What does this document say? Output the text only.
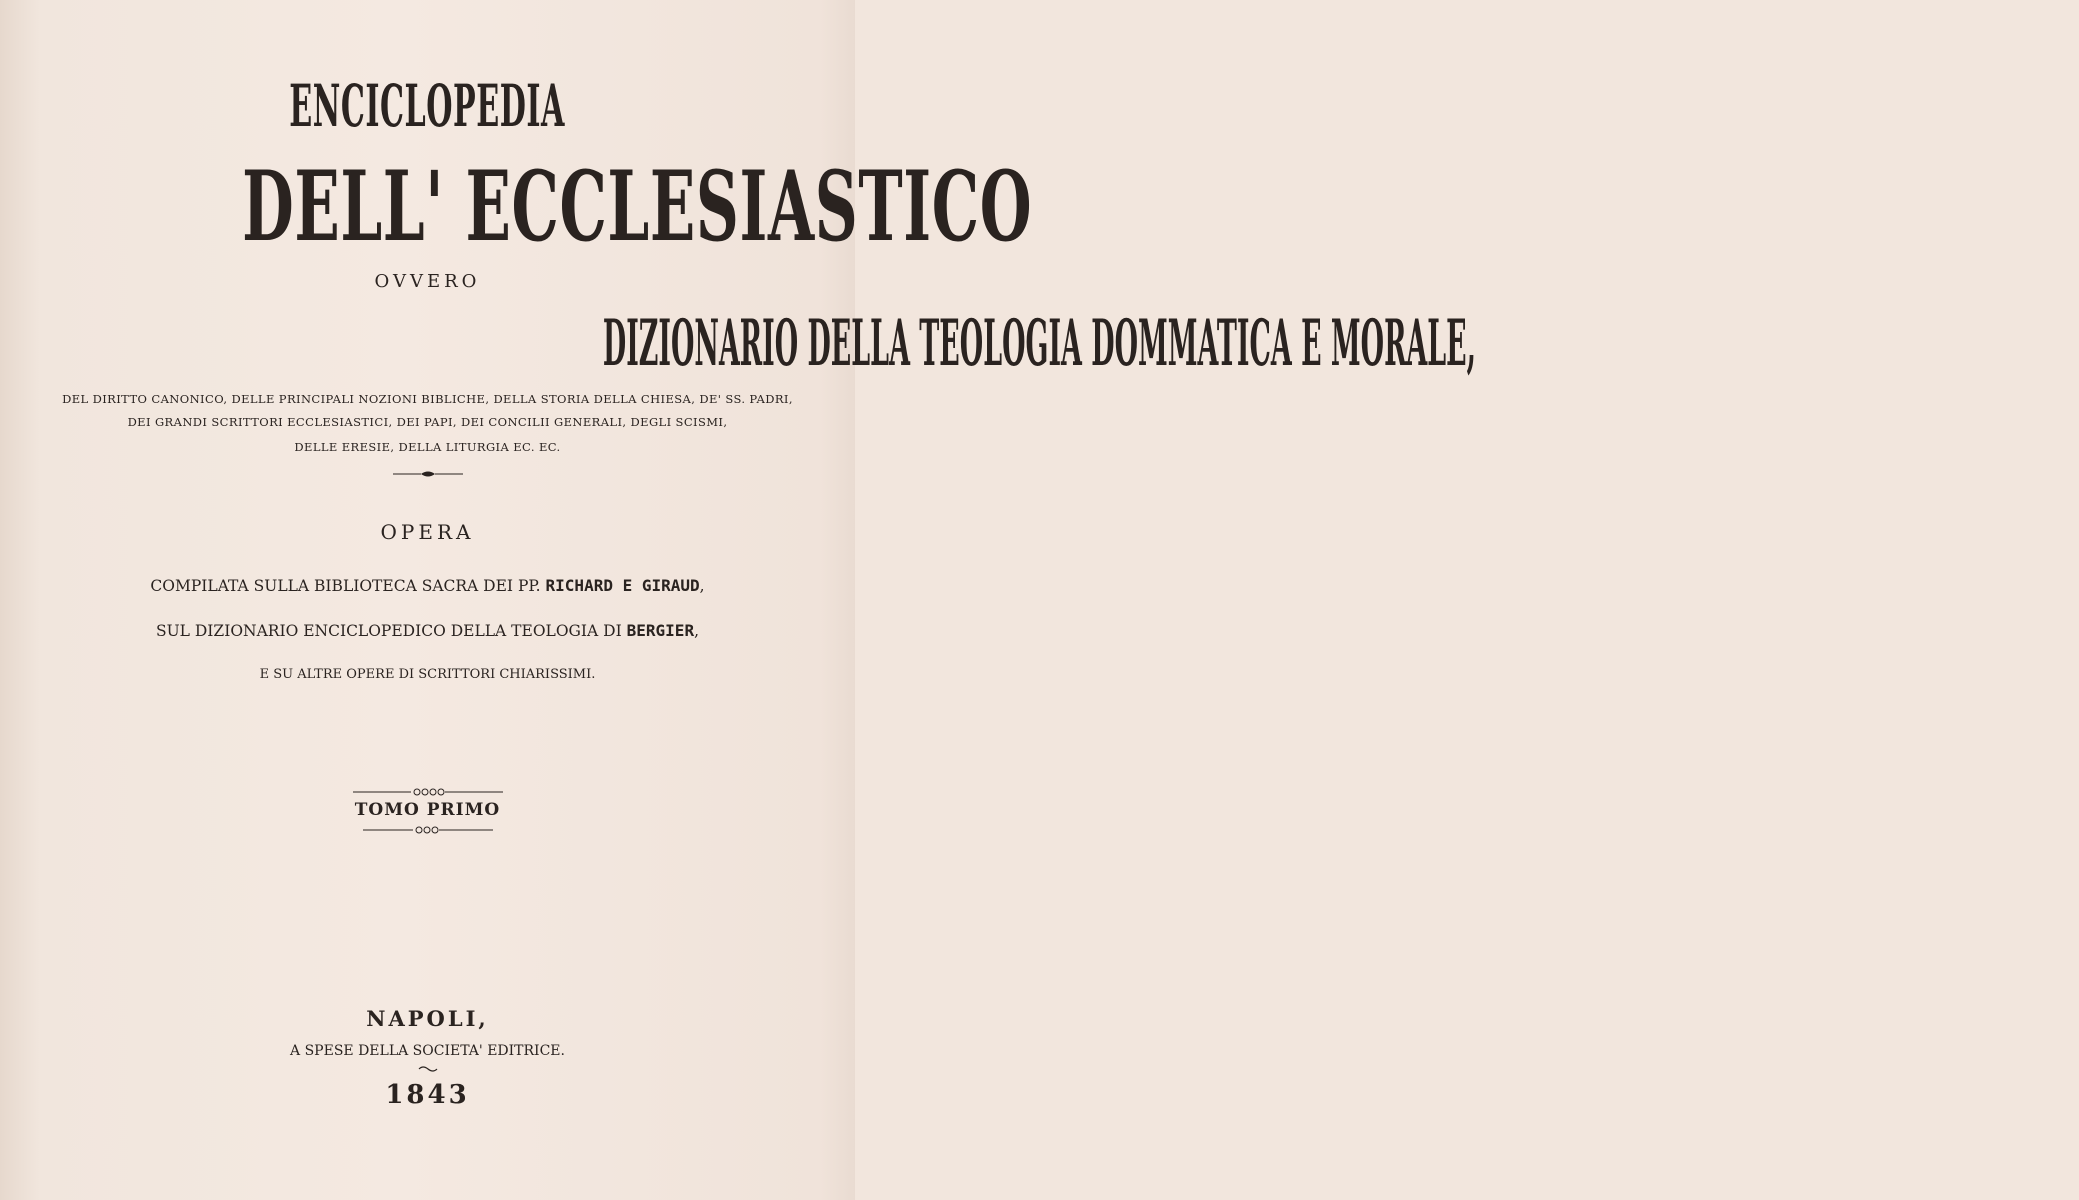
ENCICLOPEDIA
DELL' ECCLESIASTICO
OVVERO
DIZIONARIO DELLA TEOLOGIA DOMMATICA E MORALE,
DEL DIRITTO CANONICO, DELLE PRINCIPALI NOZIONI BIBLICHE, DELLA STORIA DELLA CHIESA, DE' SS. PADRI,
DEI GRANDI SCRITTORI ECCLESIASTICI, DEI PAPI, DEI CONCILII GENERALI, DEGLI SCISMI,
DELLE ERESIE, DELLA LITURGIA EC. EC.
OPERA
COMPILATA SULLA BIBLIOTECA SACRA DEI PP. RICHARD E GIRAUD,
SUL DIZIONARIO ENCICLOPEDICO DELLA TEOLOGIA DI BERGIER,
E SU ALTRE OPERE DI SCRITTORI CHIARISSIMI.
TOMO PRIMO
NAPOLI,
A SPESE DELLA SOCIETA' EDITRICE.
1843
